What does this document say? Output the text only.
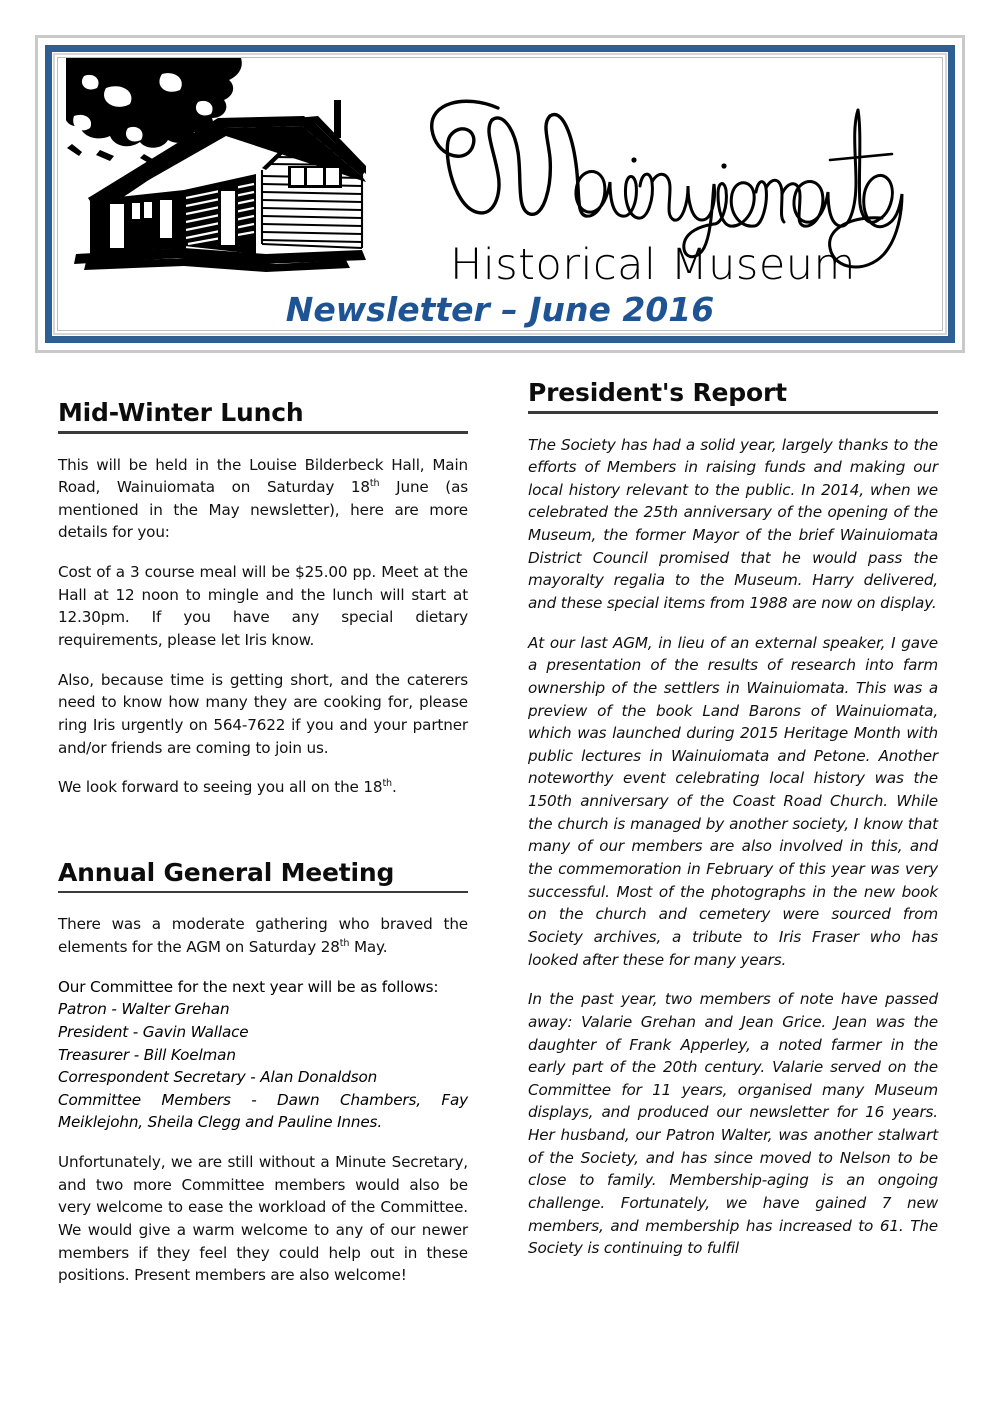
Historical Museum
Newsletter – June 2016
Mid-Winter Lunch

This will be held in the Louise Bilderbeck Hall, Main Road, Wainuiomata on Saturday 18th June (as mentioned in the May newsletter), here are more details for you:

Cost of a 3 course meal will be $25.00 pp. Meet at the Hall at 12 noon to mingle and the lunch will start at 12.30pm. If you have any special dietary requirements, please let Iris know.

Also, because time is getting short, and the caterers need to know how many they are cooking for, please ring Iris urgently on 564-7622 if you and your partner and/or friends are coming to join us.

We look forward to seeing you all on the 18th.

Annual General Meeting

There was a moderate gathering who braved the elements for the AGM on Saturday 28th May.

Our Committee for the next year will be as follows:
Patron - Walter Grehan
President - Gavin Wallace
Treasurer - Bill Koelman
Correspondent Secretary - Alan Donaldson
Committee Members - Dawn Chambers, Fay Meiklejohn, Sheila Clegg and Pauline Innes.

Unfortunately, we are still without a Minute Secretary, and two more Committee members would also be very welcome to ease the workload of the Committee. We would give a warm welcome to any of our newer members if they feel they could help out in these positions. Present members are also welcome!

President's Report

The Society has had a solid year, largely thanks to the efforts of Members in raising funds and making our local history relevant to the public. In 2014, when we celebrated the 25th anniversary of the opening of the Museum, the former Mayor of the brief Wainuiomata District Council promised that he would pass the mayoralty regalia to the Museum. Harry delivered, and these special items from 1988 are now on display.

At our last AGM, in lieu of an external speaker, I gave a presentation of the results of research into farm ownership of the settlers in Wainuiomata. This was a preview of the book Land Barons of Wainuiomata, which was launched during 2015 Heritage Month with public lectures in Wainuiomata and Petone. Another noteworthy event celebrating local history was the 150th anniversary of the Coast Road Church. While the church is managed by another society, I know that many of our members are also involved in this, and the commemoration in February of this year was very successful. Most of the photographs in the new book on the church and cemetery were sourced from Society archives, a tribute to Iris Fraser who has looked after these for many years.

In the past year, two members of note have passed away: Valarie Grehan and Jean Grice. Jean was the daughter of Frank Apperley, a noted farmer in the early part of the 20th century. Valarie served on the Committee for 11 years, organised many Museum displays, and produced our newsletter for 16 years. Her husband, our Patron Walter, was another stalwart of the Society, and has since moved to Nelson to be close to family. Membership-aging is an ongoing challenge. Fortunately, we have gained 7 new members, and membership has increased to 61. The Society is continuing to fulfil
